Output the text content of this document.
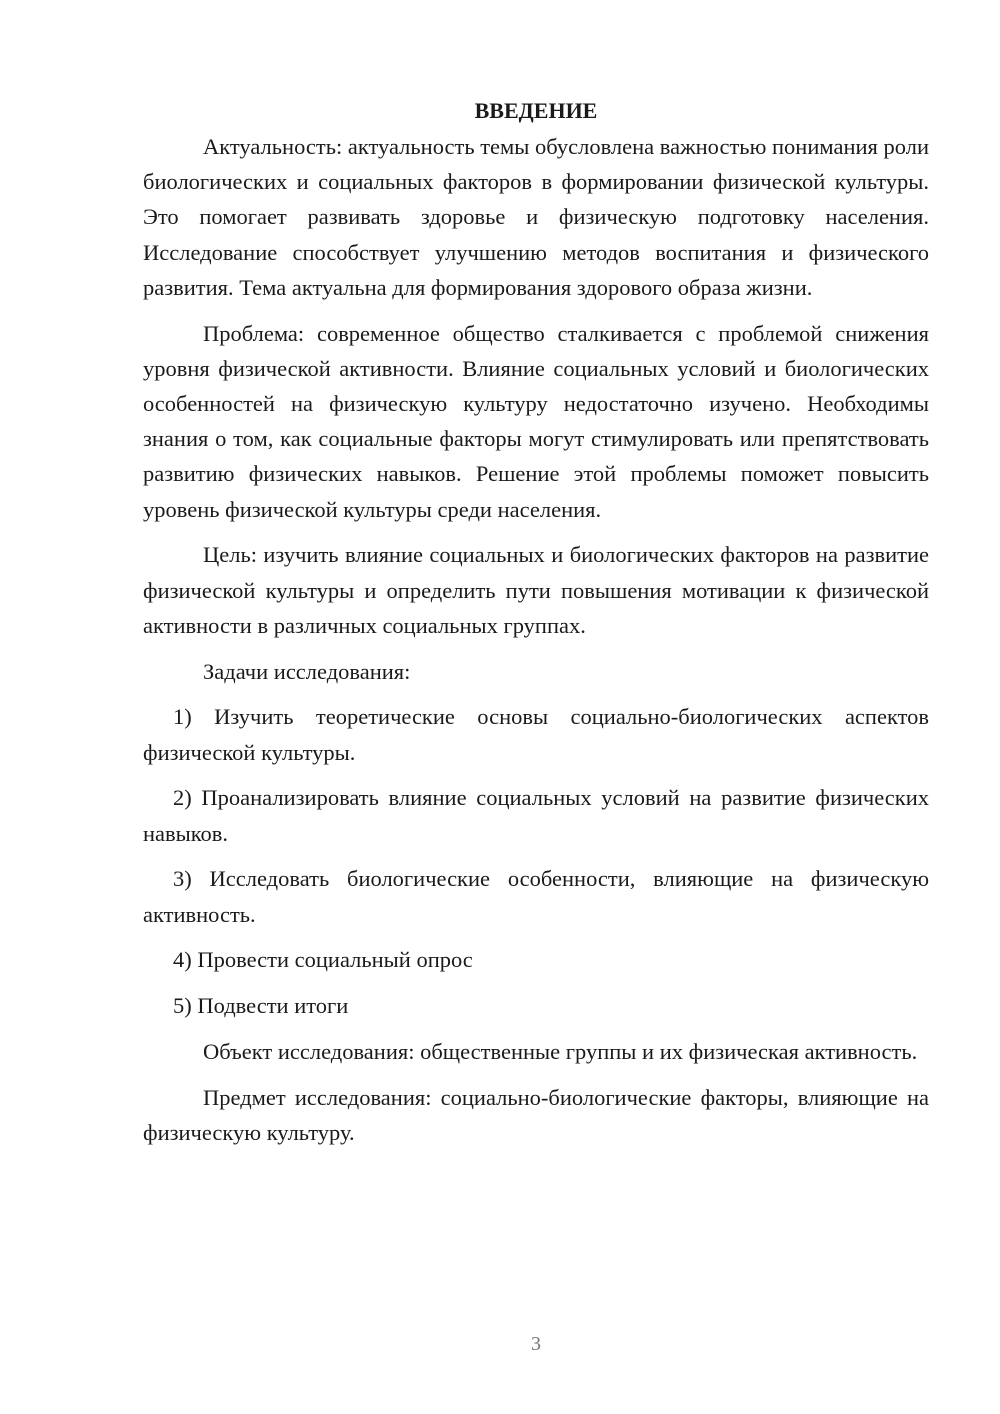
ВВЕДЕНИЕ

Актуальность: актуальность темы обусловлена важностью понимания роли биологических и социальных факторов в формировании физической культуры. Это помогает развивать здоровье и физическую подготовку населения. Исследование способствует улучшению методов воспитания и физического развития. Тема актуальна для формирования здорового образа жизни.

Проблема: современное общество сталкивается с проблемой снижения уровня физической активности. Влияние социальных условий и биологических особенностей на физическую культуру недостаточно изучено. Необходимы знания о том, как социальные факторы могут стимулировать или препятствовать развитию физических навыков. Решение этой проблемы поможет повысить уровень физической культуры среди населения.

Цель: изучить влияние социальных и биологических факторов на развитие физической культуры и определить пути повышения мотивации к физической активности в различных социальных группах.

Задачи исследования:

1) Изучить теоретические основы социально-биологических аспектов физической культуры.

2) Проанализировать влияние социальных условий на развитие физических навыков.

3) Исследовать биологические особенности, влияющие на физическую активность.

4) Провести социальный опрос

5) Подвести итоги

Объект исследования: общественные группы и их физическая активность.

Предмет исследования: социально-биологические факторы, влияющие на физическую культуру.

3
